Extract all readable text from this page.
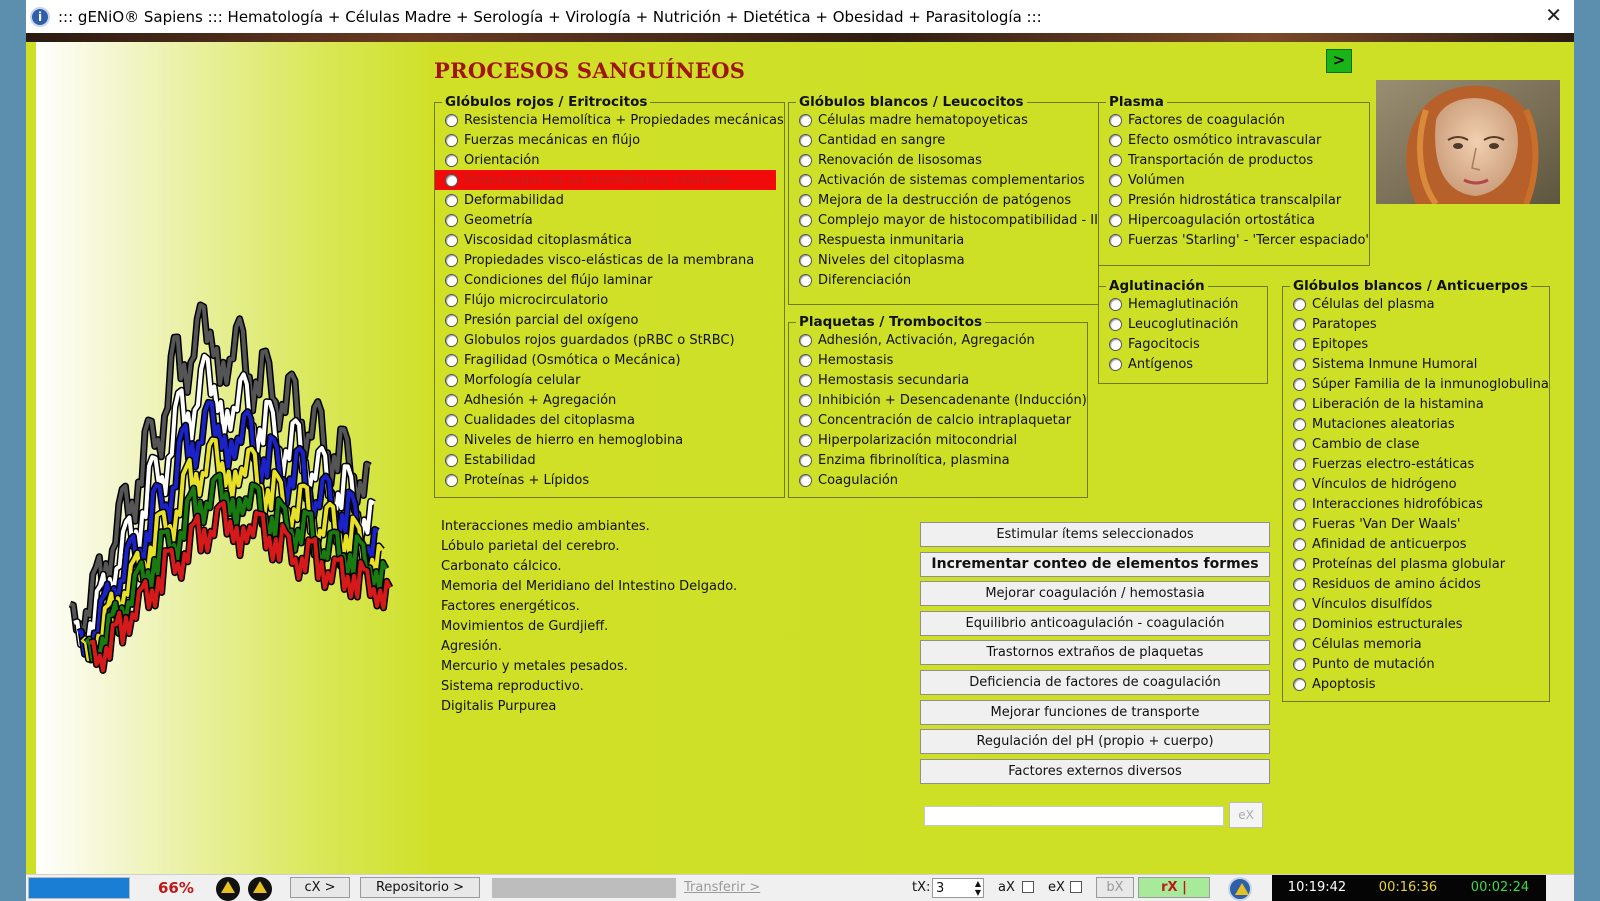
i	::: gENiO® Sapiens ::: Hematología + Células Madre + Serología + Virología + Nutrición + Dietética + Obesidad + Parasitología :::	✕
PROCESOS SANGUÍNEOS	>
Glóbulos rojos / Eritrocitos
Resistencia Hemolítica + Propiedades mecánicas
Fuerzas mecánicas en flújo
Orientación
Propiedades de las membranas celulares
Deformabilidad
Geometría
Viscosidad citoplasmática
Propiedades visco-elásticas de la membrana
Condiciones del flújo laminar
Flújo microcirculatorio
Presión parcial del oxígeno
Globulos rojos guardados (pRBC o StRBC)
Fragilidad (Osmótica o Mecánica)
Morfología celular
Adhesión + Agregación
Cualidades del citoplasma
Niveles de hierro en hemoglobina
Estabilidad
Proteínas + Lípidos
Glóbulos blancos / Leucocitos
Células madre hematopoyeticas
Cantidad en sangre
Renovación de lisosomas
Activación de sistemas complementarios
Mejora de la destrucción de patógenos
Complejo mayor de histocompatibilidad - II
Respuesta inmunitaria
Niveles del citoplasma
Diferenciación
Plaquetas / Trombocitos
Adhesión, Activación, Agregación
Hemostasis
Hemostasis secundaria
Inhibición + Desencadenante (Inducción)
Concentración de calcio intraplaquetar
Hiperpolarización mitocondrial
Enzima fibrinolítica, plasmina
Coagulación
Plasma
Factores de coagulación
Efecto osmótico intravascular
Transportación de productos
Volúmen
Presión hidrostática transcalpilar
Hipercoagulación ortostática
Fuerzas 'Starling' - 'Tercer espaciado'
Aglutinación
Hemaglutinación
Leucoglutinación
Fagocitocis
Antígenos
Glóbulos blancos / Anticuerpos
Células del plasma
Paratopes
Epitopes
Sistema Inmune Humoral
Súper Familia de la inmunoglobulina
Liberación de la histamina
Mutaciones aleatorias
Cambio de clase
Fuerzas electro-estáticas
Vínculos de hidrógeno
Interacciones hidrofóbicas
Fueras 'Van Der Waals'
Afinidad de anticuerpos
Proteínas del plasma globular
Residuos de amino ácidos
Vínculos disulfídos
Dominios estructurales
Células memoria
Punto de mutación
Apoptosis
Interacciones medio ambiantes.
Lóbulo parietal del cerebro.
Carbonato cálcico.
Memoria del Meridiano del Intestino Delgado.
Factores energéticos.
Movimientos de Gurdjieff.
Agresión.
Mercurio y metales pesados.
Sistema reproductivo.
Digitalis Purpurea
Estimular ítems seleccionados
Incrementar conteo de elementos formes
Mejorar coagulación / hemostasia
Equilibrio anticoagulación - coagulación
Trastornos extraños de plaquetas
Deficiencia de factores de coagulación
Mejorar funciones de transporte
Regulación del pH (propio + cuerpo)
Factores externos diversos
eX
66%	cX >	Repositorio >	Transferir >	tX: 3	▲
▼ aX	eX	bX	rX |	10:19:42	00:16:36	00:02:24
